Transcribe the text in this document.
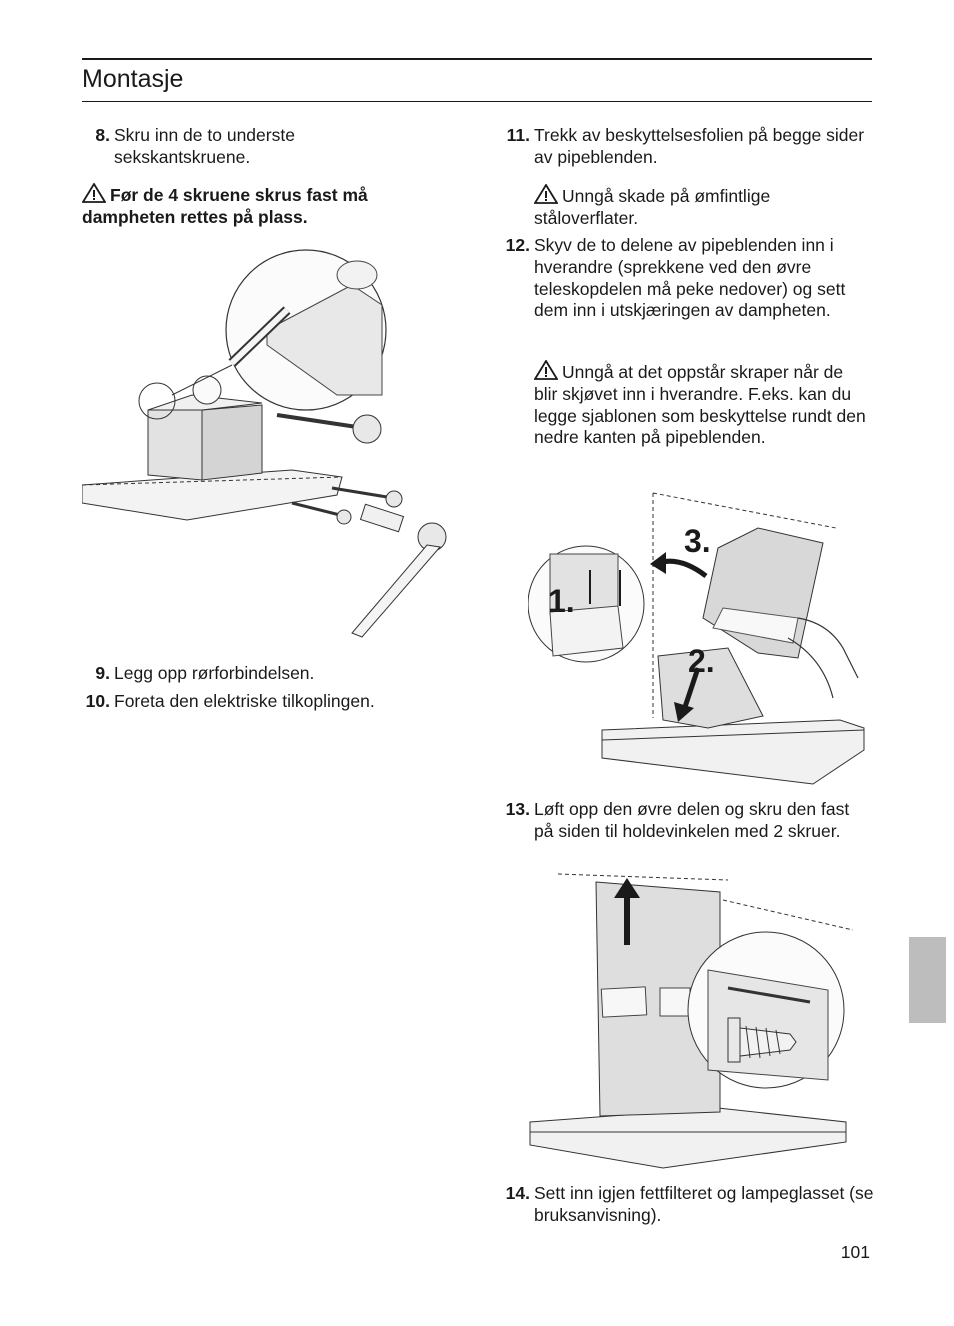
Montasje
8. Skru inn de to underste sekskantskruene.
Før de 4 skruene skrus fast må dampheten rettes på plass.
9. Legg opp rørforbindelsen.
10. Foreta den elektriske tilkoplingen.
11. Trekk av beskyttelsesfolien på begge sider av pipeblenden.
Unngå skade på ømfintlige ståloverflater.
12. Skyv de to delene av pipeblenden inn i hverandre (sprekkene ved den øvre teleskopdelen må peke nedover) og sett dem inn i utskjæringen av dampheten.
Unngå at det oppstår skraper når de blir skjøvet inn i hverandre. F.eks. kan du legge sjablonen som beskyttelse rundt den nedre kanten på pipeblenden.
3.
1.
2.
13. Løft opp den øvre delen og skru den fast på siden til holdevinkelen med 2 skruer.
14. Sett inn igjen fettfilteret og lampeglasset (se bruksanvisning).
101
